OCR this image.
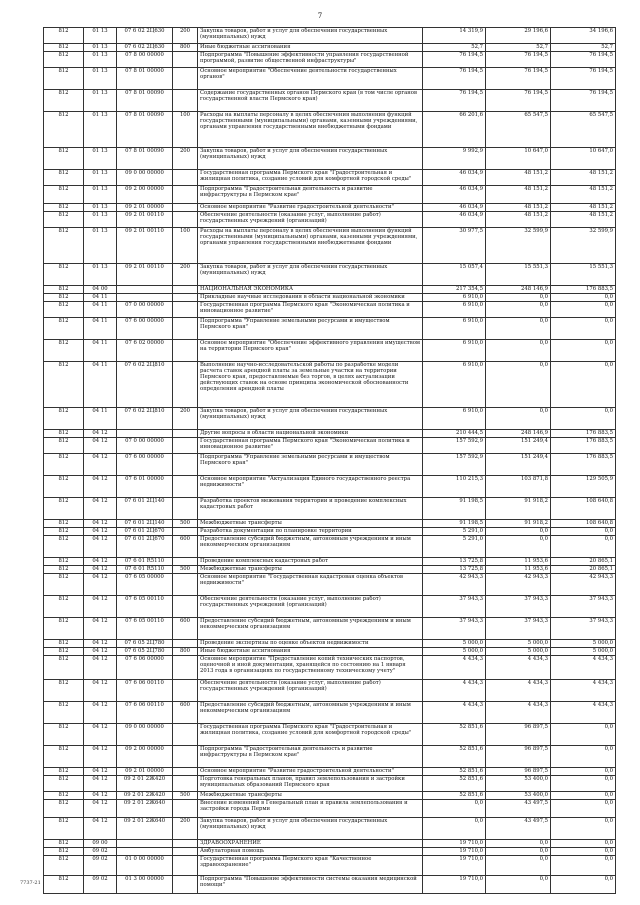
7
812	01 13	07 6 02 2Ц630	200	Закупка товаров, работ и услуг для обеспечения государственных (муниципальных) нужд	14 319,9	29 196,6	34 196,6
812	01 13	07 6 02 2Ц630	800	Иные бюджетные ассигнования	52,7	52,7	52,7
812	01 13	07 8 00 00000		Подпрограмма "Повышение эффективности управления государственной программой, развитие общественной инфраструктуры"	76 194,5	76 194,5	76 194,5
812	01 13	07 8 01 00000		Основное мероприятие "Обеспечение деятельности государственных органов"	76 194,5	76 194,5	76 194,5
812	01 13	07 8 01 00090		Содержание государственных органов Пермского края (в том числе органов государственной власти Пермского края)	76 194,5	76 194,5	76 194,5
812	01 13	07 8 01 00090	100	Расходы на выплаты персоналу в целях обеспечения выполнения функций государственными (муниципальными) органами, казенными учреждениями, органами управления государственными внебюджетными фондами	66 201,6	65 547,5	65 547,5
812	01 13	07 8 01 00090	200	Закупка товаров, работ и услуг для обеспечения государственных (муниципальных) нужд	9 992,9	10 647,0	10 647,0
812	01 13	09 0 00 00000		Государственная программа Пермского края "Градостроительная и жилищная политика, создание условий для комфортной городской среды"	46 034,9	48 151,2	48 151,2
812	01 13	09 2 00 00000		Подпрограмма "Градостроительная деятельность и развитие инфраструктуры в Пермском крае"	46 034,9	48 151,2	48 151,2
812	01 13	09 2 01 00000		Основное мероприятие "Развитие градостроительной деятельности"	46 034,9	48 151,2	48 151,2
812	01 13	09 2 01 00110		Обеспечение деятельности (оказание услуг, выполнение работ) государственных учреждений (организаций)	46 034,9	48 151,2	48 151,2
812	01 13	09 2 01 00110	100	Расходы на выплаты персоналу в целях обеспечения выполнения функций государственными (муниципальными) органами, казенными учреждениями, органами управления государственными внебюджетными фондами	30 977,5	32 599,9	32 599,9
812	01 13	09 2 01 00110	200	Закупка товаров, работ и услуг для обеспечения государственных (муниципальных) нужд	15 057,4	15 551,3	15 551,3
812	04 00			НАЦИОНАЛЬНАЯ ЭКОНОМИКА	217 354,5	248 146,9	176 883,5
812	04 11			Прикладные научные исследования в области национальной экономики	6 910,0	0,0	0,0
812	04 11	07 0 00 00000		Государственная программа Пермского края "Экономическая политика и инновационное развитие"	6 910,0	0,0	0,0
812	04 11	07 6 00 00000		Подпрограмма "Управление земельными ресурсами и имуществом Пермского края"	6 910,0	0,0	0,0
812	04 11	07 6 02 00000		Основное мероприятие "Обеспечение эффективного управления имуществом на территории Пермского края"	6 910,0	0,0	0,0
812	04 11	07 6 02 2Ц810		Выполнение научно-исследовательской работы по разработке модели расчета ставок арендной платы за земельные участки на территории Пермского края, предоставляемые без торгов, в целях актуализации действующих ставок на основе принципа экономической обоснованности определения арендной платы	6 910,0	0,0	0,0
812	04 11	07 6 02 2Ц810	200	Закупка товаров, работ и услуг для обеспечения государственных (муниципальных) нужд	6 910,0	0,0	0,0
812	04 12			Другие вопросы в области национальной экономики	210 444,5	248 146,9	176 883,5
812	04 12	07 0 00 00000		Государственная программа Пермского края "Экономическая политика и инновационное развитие"	157 592,9	151 249,4	176 883,5
812	04 12	07 6 00 00000		Подпрограмма "Управление земельными ресурсами и имуществом Пермского края"	157 592,9	151 249,4	176 883,5
812	04 12	07 6 01 00000		Основное мероприятие "Актуализация Единого государственного реестра недвижимости"	110 215,3	103 871,8	129 505,9
812	04 12	07 6 01 2Ц140		Разработка проектов межевания территории и проведение комплексных кадастровых работ	91 198,5	91 918,2	108 640,8
812	04 12	07 6 01 2Ц140	500	Межбюджетные трансферты	91 198,5	91 918,2	108 640,8
812	04 12	07 6 01 2Ц670		Разработка документации по планировке территории	5 291,0	0,0	0,0
812	04 12	07 6 01 2Ц670	600	Предоставление субсидий бюджетным, автономным учреждениям и иным некоммерческим организациям	5 291,0	0,0	0,0
812	04 12	07 6 01 R5110		Проведение комплексных кадастровых работ	13 725,8	11 953,6	20 865,1
812	04 12	07 6 01 R5110	500	Межбюджетные трансферты	13 725,8	11 953,6	20 865,1
812	04 12	07 6 05 00000		Основное мероприятие "Государственная кадастровая оценка объектов недвижимости"	42 943,3	42 943,3	42 943,3
812	04 12	07 6 05 00110		Обеспечение деятельности (оказание услуг, выполнение работ) государственных учреждений (организаций)	37 943,3	37 943,3	37 943,3
812	04 12	07 6 05 00110	600	Предоставление субсидий бюджетным, автономным учреждениям и иным некоммерческим организациям	37 943,3	37 943,3	37 943,3
812	04 12	07 6 05 2Ц780		Проведение экспертизы по оценке объектов недвижимости	5 000,0	5 000,0	5 000,0
812	04 12	07 6 05 2Ц780	800	Иные бюджетные ассигнования	5 000,0	5 000,0	5 000,0
812	04 12	07 6 06 00000		Основное мероприятие "Предоставление копий технических паспортов, оценочной и иной документации, хранящейся по состоянию на 1 января 2013 года в организациях по государственному техническому учету"	4 434,3	4 434,3	4 434,3
812	04 12	07 6 06 00110		Обеспечение деятельности (оказание услуг, выполнение работ) государственных учреждений (организаций)	4 434,3	4 434,3	4 434,3
812	04 12	07 6 06 00110	600	Предоставление субсидий бюджетным, автономным учреждениям и иным некоммерческим организациям	4 434,3	4 434,3	4 434,3
812	04 12	09 0 00 00000		Государственная программа Пермского края "Градостроительная и жилищная политика, создание условий для комфортной городской среды"	52 851,6	96 897,5	0,0
812	04 12	09 2 00 00000		Подпрограмма "Градостроительная деятельность и развитие инфраструктуры в Пермском крае"	52 851,6	96 897,5	0,0
812	04 12	09 2 01 00000		Основное мероприятие "Развитие градостроительной деятельности"	52 851,6	96 897,5	0,0
812	04 12	09 2 01 2Ж420		Подготовка генеральных планов, правил землепользования и застройки муниципальных образований Пермского края	52 851,6	53 400,0	0,0
812	04 12	09 2 01 2Ж420	500	Межбюджетные трансферты	52 851,6	53 400,0	0,0
812	04 12	09 2 01 2Ж640		Внесение изменений в Генеральный план и правила землепользования и застройки города Перми	0,0	43 497,5	0,0
812	04 12	09 2 01 2Ж640	200	Закупка товаров, работ и услуг для обеспечения государственных (муниципальных) нужд	0,0	43 497,5	0,0
812	09 00			ЗДРАВООХРАНЕНИЕ	19 710,0	0,0	0,0
812	09 02			Амбулаторная помощь	19 710,0	0,0	0,0
812	09 02	01 0 00 00000		Государственная программа Пермского края "Качественное здравоохранение"	19 710,0	0,0	0,0
812	09 02	01 3 00 00000		Подпрограмма "Повышение эффективности системы оказания медицинской помощи"	19 710,0	0,0	0,0
7737-21
